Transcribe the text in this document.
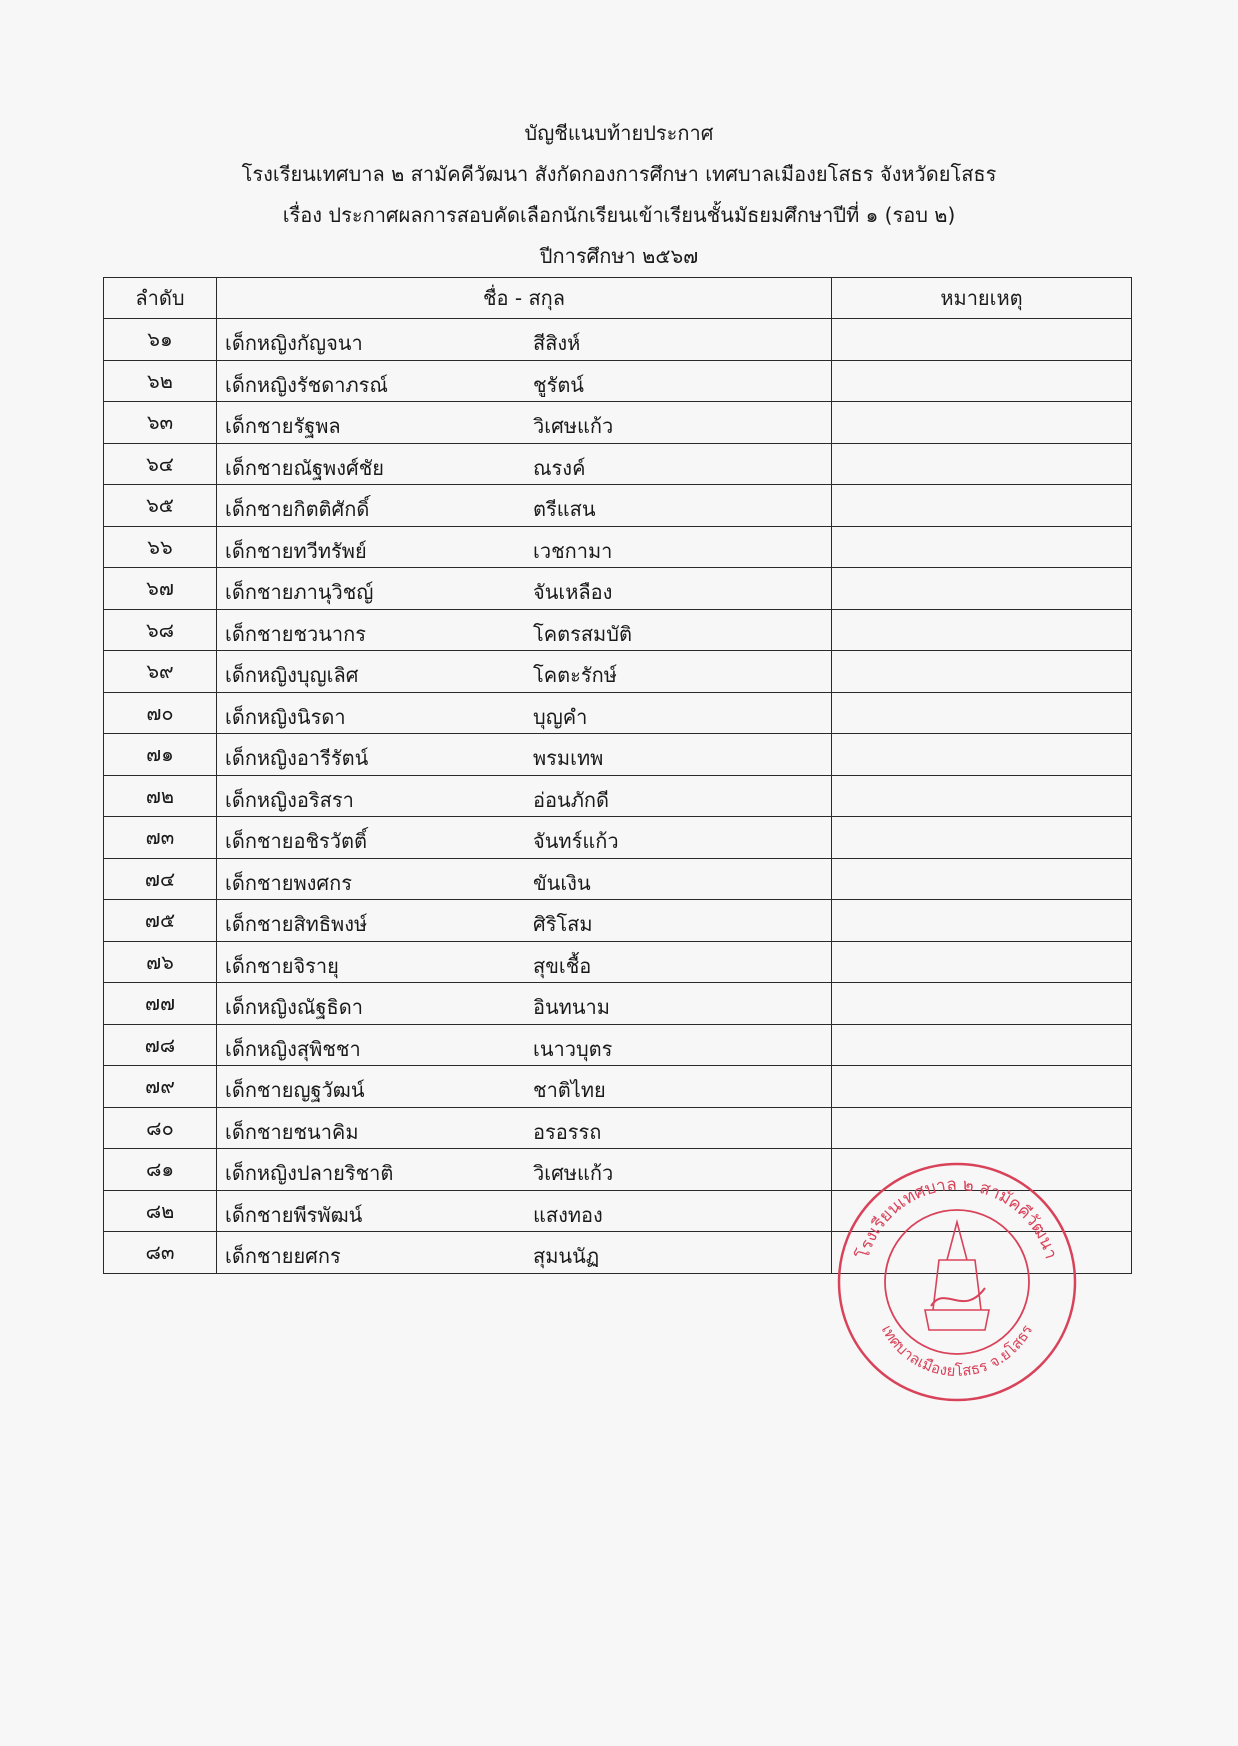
บัญชีแนบท้ายประกาศ
โรงเรียนเทศบาล ๒ สามัคคีวัฒนา สังกัดกองการศึกษา เทศบาลเมืองยโสธร จังหวัดยโสธร
เรื่อง ประกาศผลการสอบคัดเลือกนักเรียนเข้าเรียนชั้นมัธยมศึกษาปีที่ ๑ (รอบ ๒)
ปีการศึกษา ๒๕๖๗
ลำดับ	ชื่อ - สกุล	หมายเหตุ
๖๑	เด็กหญิงกัญจนา สีสิงห์	

๖๒	เด็กหญิงรัชดาภรณ์ ชูรัตน์	

๖๓	เด็กชายรัฐพล วิเศษแก้ว	

๖๔	เด็กชายณัฐพงศ์ชัย ณรงค์	

๖๕	เด็กชายกิตติศักดิ์ ตรีแสน	

๖๖	เด็กชายทวีทรัพย์ เวชกามา	

๖๗	เด็กชายภานุวิชญ์ จันเหลือง	

๖๘	เด็กชายชวนากร โคตรสมบัติ	

๖๙	เด็กหญิงบุญเลิศ โคตะรักษ์	

๗๐	เด็กหญิงนิรดา บุญคำ	

๗๑	เด็กหญิงอารีรัตน์ พรมเทพ	

๗๒	เด็กหญิงอริสรา อ่อนภักดี	

๗๓	เด็กชายอชิรวัตติ์ จันทร์แก้ว	

๗๔	เด็กชายพงศกร ขันเงิน	

๗๕	เด็กชายสิทธิพงษ์ ศิริโสม	

๗๖	เด็กชายจิรายุ สุขเชื้อ	

๗๗	เด็กหญิงณัฐธิดา อินทนาม	

๗๘	เด็กหญิงสุพิชชา เนาวบุตร	

๗๙	เด็กชายญฐวัฒน์ ชาติไทย	

๘๐	เด็กชายชนาคิม อรอรรถ	

๘๑	เด็กหญิงปลายริชาติ วิเศษแก้ว	

๘๒	เด็กชายพีรพัฒน์ แสงทอง	

๘๓	เด็กชายยศกร สุมนนัฏ	
		โรงเรียนเทศบาล ๒ สามัคคีวัฒนา
เทศบาลเมืองยโสธร จ.ยโสธร
